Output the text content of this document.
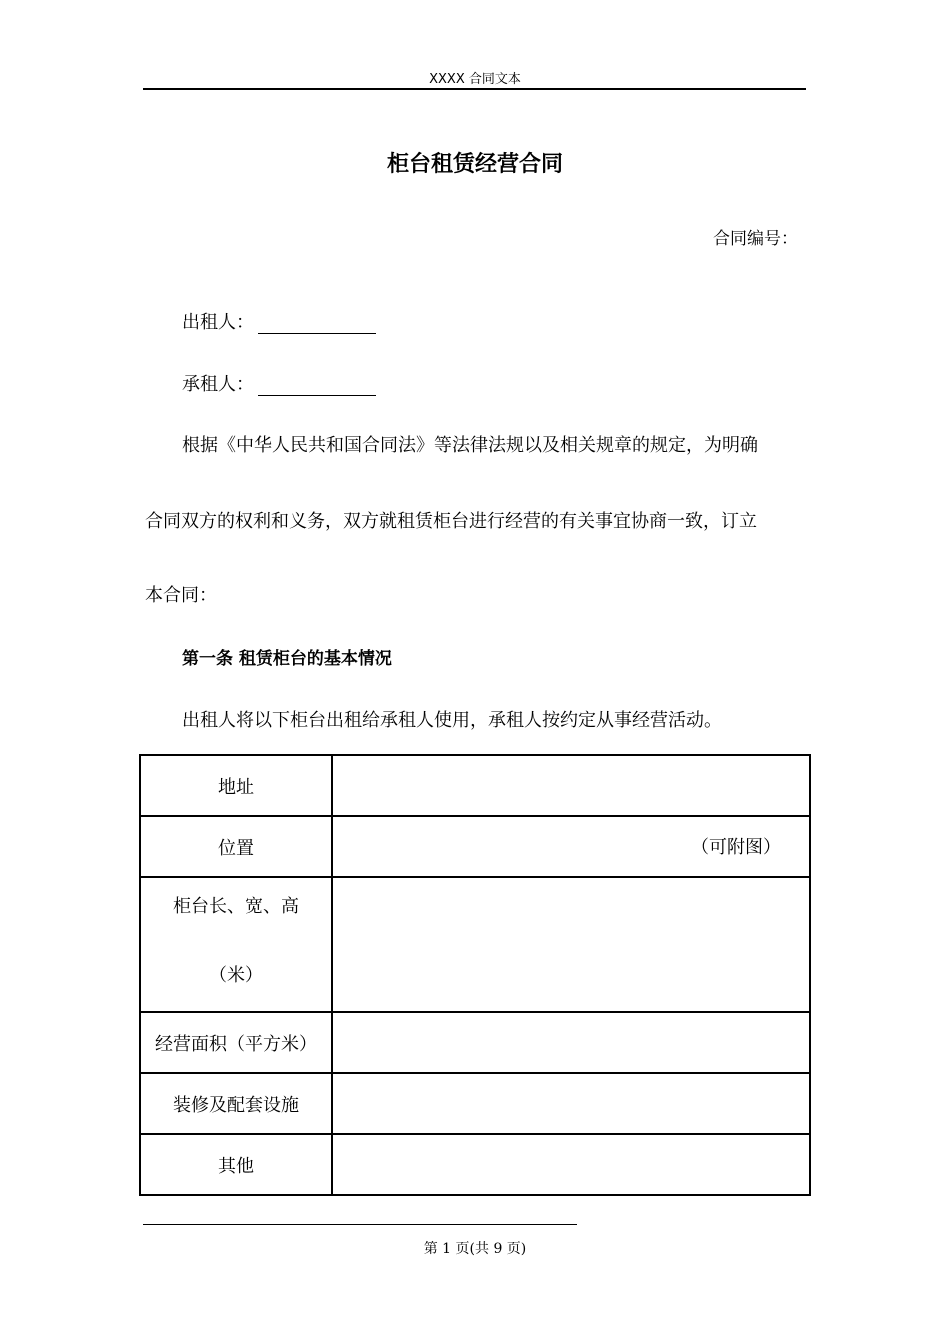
XXXX 合同文本
柜台租赁经营合同
合同编号：
出租人：
承租人：
根据《中华人民共和国合同法》等法律法规以及相关规章的规定，为明确
合同双方的权利和义务，双方就租赁柜台进行经营的有关事宜协商一致，订立
本合同：
第一条 租赁柜台的基本情况
出租人将以下柜台出租给承租人使用，承租人按约定从事经营活动。
地址	
位置	（可附图）

柜台长、宽、高
（米）	

经营面积（平方米）	
装修及配套设施	
其他	
第 1 页(共 9 页)
